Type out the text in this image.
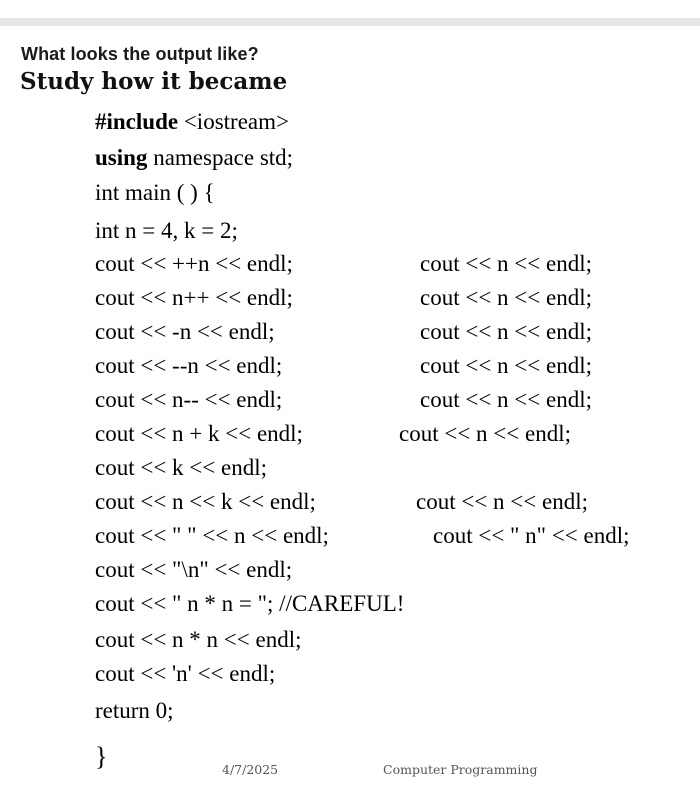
What looks the output like?
Study how it became
#include <iostream>
using namespace std;
int main ( ) {
int n = 4, k = 2;
cout << ++n << endl;	cout << n << endl;
cout << n++ << endl;	cout << n << endl;
cout << -n << endl;	cout << n << endl;
cout << --n << endl;	cout << n << endl;
cout << n-- << endl;	cout << n << endl;
cout << n + k << endl;	cout << n << endl;
cout << k << endl;
cout << n << k << endl;	cout << n << endl;
cout << " " << n << endl;	cout << " n" << endl;
cout << "\n" << endl;
cout << " n * n = "; //CAREFUL!
cout << n * n << endl;
cout << 'n' << endl;
return 0;
}	4/7/2025	Computer Programming
